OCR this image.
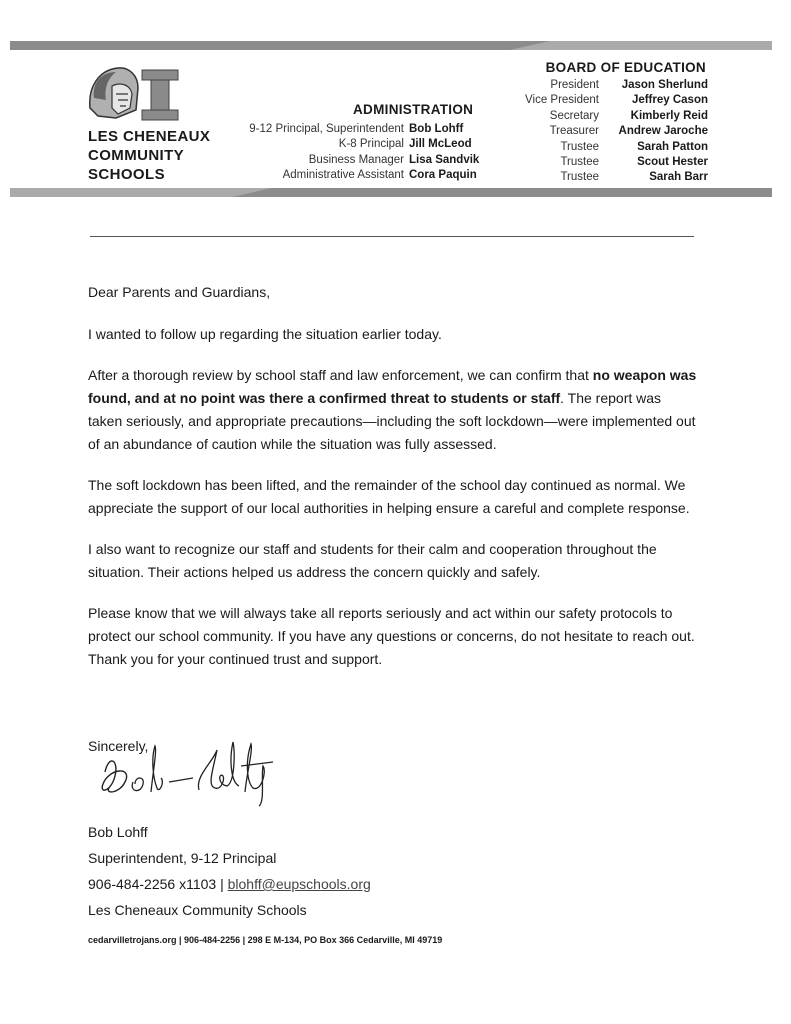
LES CHENEAUX
COMMUNITY
SCHOOLS
ADMINISTRATION
9-12 Principal, Superintendent Bob Lohff
K-8 Principal Jill McLeod
Business Manager Lisa Sandvik
Administrative Assistant Cora Paquin
BOARD OF EDUCATION
President	Jason Sherlund
Vice President	Jeffrey Cason
Secretary	Kimberly Reid
Treasurer	Andrew Jaroche
Trustee	Sarah Patton
Trustee	Scout Hester
Trustee	Sarah Barr

Dear Parents and Guardians,

I wanted to follow up regarding the situation earlier today.

After a thorough review by school staff and law enforcement, we can confirm that no weapon was found, and at no point was there a confirmed threat to students or staff. The report was taken seriously, and appropriate precautions—including the soft lockdown—were implemented out of an abundance of caution while the situation was fully assessed.

The soft lockdown has been lifted, and the remainder of the school day continued as normal. We appreciate the support of our local authorities in helping ensure a careful and complete response.

I also want to recognize our staff and students for their calm and cooperation throughout the situation. Their actions helped us address the concern quickly and safely.

Please know that we will always take all reports seriously and act within our safety protocols to protect our school community. If you have any questions or concerns, do not hesitate to reach out. Thank you for your continued trust and support.

Sincerely,
Bob Lohff
Superintendent, 9-12 Principal
906-484-2256 x1103 | blohff@eupschools.org
Les Cheneaux Community Schools
cedarvilletrojans.org | 906-484-2256 | 298 E M-134, PO Box 366 Cedarville, MI 49719
